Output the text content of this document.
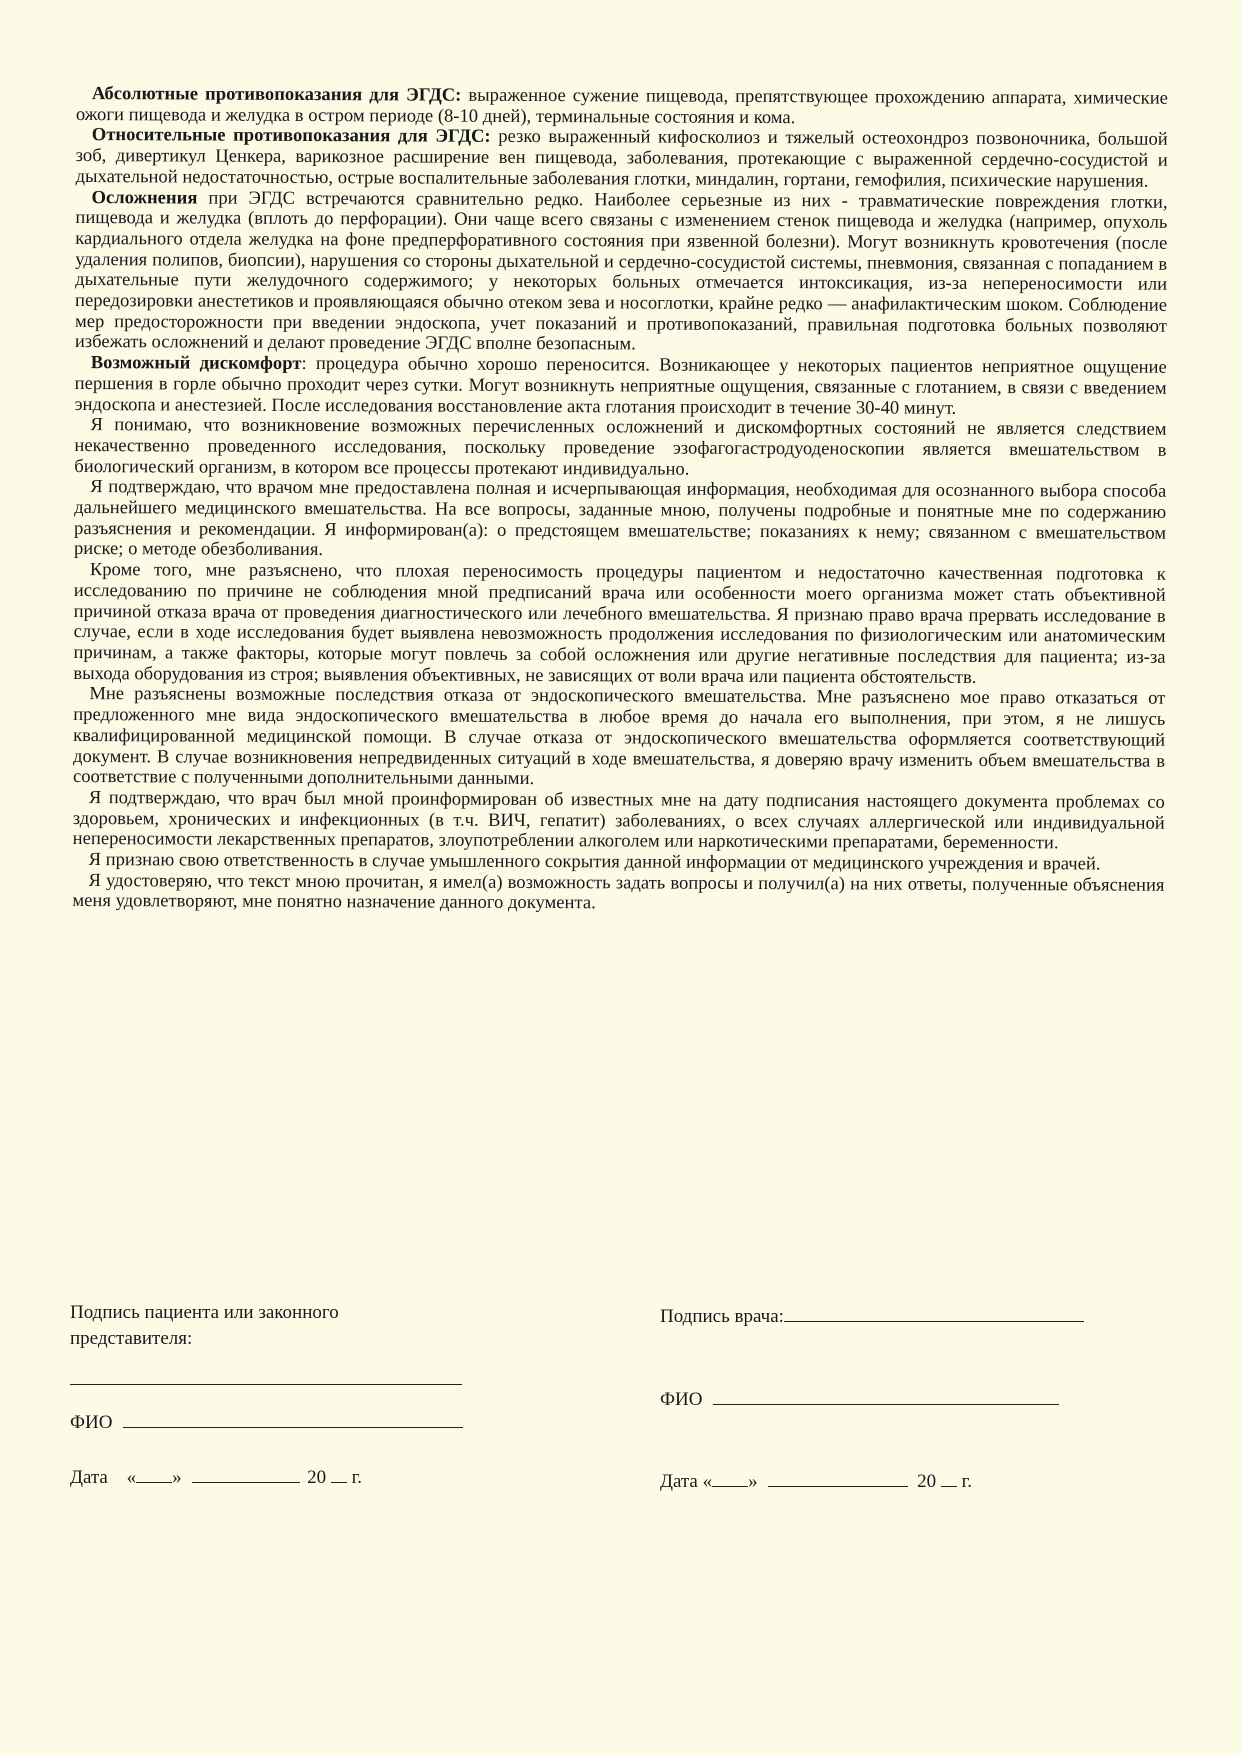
Абсолютные противопоказания для ЭГДС: выраженное сужение пищевода, препятствующее прохождению аппарата, химические ожоги пищевода и желудка в остром периоде (8-10 дней), терминальные состояния и кома.

Относительные противопоказания для ЭГДС: резко выраженный кифосколиоз и тяжелый остеохондроз позвоночника, большой зоб, дивертикул Ценкера, варикозное расширение вен пищевода, заболевания, протекающие с выраженной сердечно-сосудистой и дыхательной недостаточностью, острые воспалительные заболевания глотки, миндалин, гортани, гемофилия, психические нарушения.

Осложнения при ЭГДС встречаются сравнительно редко. Наиболее серьезные из них - травматические повреждения глотки, пищевода и желудка (вплоть до перфорации). Они чаще всего связаны с изменением стенок пищевода и желудка (например, опухоль кардиального отдела желудка на фоне предперфоративного состояния при язвенной болезни). Могут возникнуть кровотечения (после удаления полипов, биопсии), нарушения со стороны дыхательной и сердечно-сосудистой системы, пневмония, связанная с попаданием в дыхательные пути желудочного содержимого; у некоторых больных отмечается интоксикация, из-за непереносимости или передозировки анестетиков и проявляющаяся обычно отеком зева и носоглотки, крайне редко — анафилактическим шоком. Соблюдение мер предосторожности при введении эндоскопа, учет показаний и противопоказаний, правильная подготовка больных позволяют избежать осложнений и делают проведение ЭГДС вполне безопасным.

Возможный дискомфорт: процедура обычно хорошо переносится. Возникающее у некоторых пациентов неприятное ощущение першения в горле обычно проходит через сутки. Могут возникнуть неприятные ощущения, связанные с глотанием, в связи с введением эндоскопа и анестезией. После исследования восстановление акта глотания происходит в течение 30-40 минут.

Я понимаю, что возникновение возможных перечисленных осложнений и дискомфортных состояний не является следствием некачественно проведенного исследования, поскольку проведение эзофагогастродуоденоскопии является вмешательством в биологический организм, в котором все процессы протекают индивидуально.

Я подтверждаю, что врачом мне предоставлена полная и исчерпывающая информация, необходимая для осознанного выбора способа дальнейшего медицинского вмешательства. На все вопросы, заданные мною, получены подробные и понятные мне по содержанию разъяснения и рекомендации. Я информирован(а): о предстоящем вмешательстве; показаниях к нему; связанном с вмешательством риске; о методе обезболивания.

Кроме того, мне разъяснено, что плохая переносимость процедуры пациентом и недостаточно качественная подготовка к исследованию по причине не соблюдения мной предписаний врача или особенности моего организма может стать объективной причиной отказа врача от проведения диагностического или лечебного вмешательства. Я признаю право врача прервать исследование в случае, если в ходе исследования будет выявлена невозможность продолжения исследования по физиологическим или анатомическим причинам, а также факторы, которые могут повлечь за собой осложнения или другие негативные последствия для пациента; из-за выхода оборудования из строя; выявления объективных, не зависящих от воли врача или пациента обстоятельств.

Мне разъяснены возможные последствия отказа от эндоскопического вмешательства. Мне разъяснено мое право отказаться от предложенного мне вида эндоскопического вмешательства в любое время до начала его выполнения, при этом, я не лишусь квалифицированной медицинской помощи. В случае отказа от эндоскопического вмешательства оформляется соответствующий документ. В случае возникновения непредвиденных ситуаций в ходе вмешательства, я доверяю врачу изменить объем вмешательства в соответствие с полученными дополнительными данными.

Я подтверждаю, что врач был мной проинформирован об известных мне на дату подписания настоящего документа проблемах со здоровьем, хронических и инфекционных (в т.ч. ВИЧ, гепатит) заболеваниях, о всех случаях аллергической или индивидуальной непереносимости лекарственных препаратов, злоупотреблении алкоголем или наркотическими препаратами, беременности.

Я признаю свою ответственность в случае умышленного сокрытия данной информации от медицинского учреждения и врачей.

Я удостоверяю, что текст мною прочитан, я имел(а) возможность задать вопросы и получил(а) на них ответы, полученные объяснения меня удовлетворяют, мне понятно назначение данного документа.

Подпись пациента или законного
представителя:
ФИО
Дата « »	20 г.
Подпись врача:
ФИО
Дата « »	20 г.
